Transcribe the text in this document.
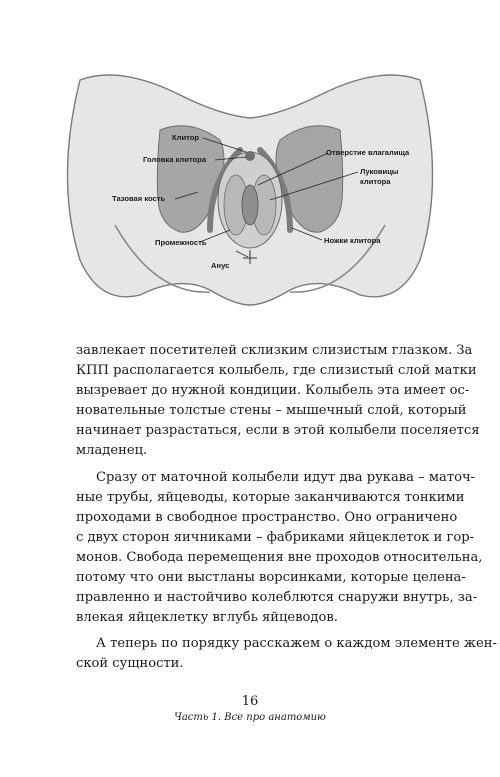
Клитор
Головка клитора
Тазовая кость
Промежность
Анус
Отверстие влагалища
Луковицы
клитора
Ножки клитора
завлекает посетителей склизким слизистым глазком. За
КПП располагается колыбель, где слизистый слой матки
вызревает до нужной кондиции. Колыбель эта имеет ос-
новательные толстые стены – мышечный слой, который
начинает разрастаться, если в этой колыбели поселяется
младенец.
Сразу от маточной колыбели идут два рукава – маточ-
ные трубы, яйцеводы, которые заканчиваются тонкими
проходами в свободное пространство. Оно ограничено
с двух сторон яичниками – фабриками яйцеклеток и гор-
монов. Свобода перемещения вне проходов относительна,
потому что они выстланы ворсинками, которые целена-
правленно и настойчиво колеблются снаружи внутрь, за-
влекая яйцеклетку вглубь яйцеводов.
А теперь по порядку расскажем о каждом элементе жен-
ской сущности.
16
Часть 1. Все про анатомию
